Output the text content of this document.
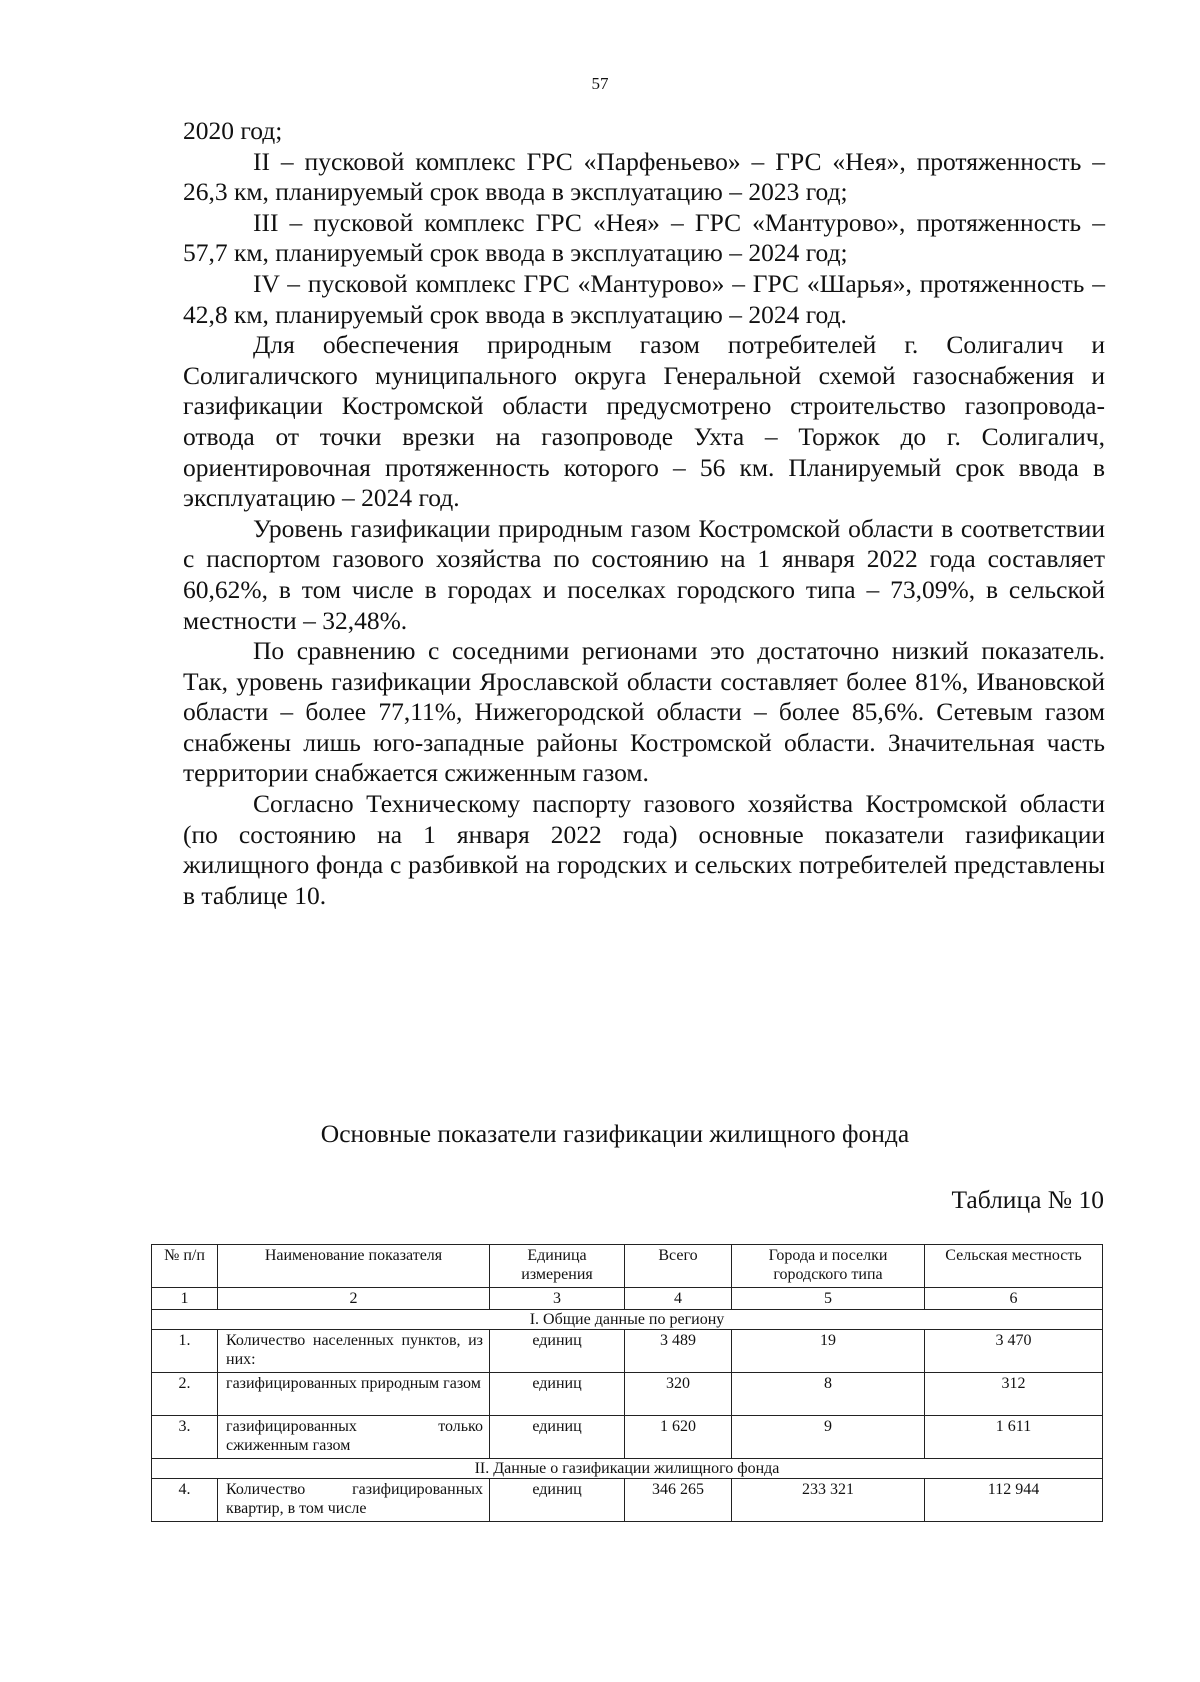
57

2020 год;

II – пусковой комплекс ГРС «Парфеньево» – ГРС «Нея», протяженность – 26,3 км, планируемый срок ввода в эксплуатацию – 2023 год;

III – пусковой комплекс ГРС «Нея» – ГРС «Мантурово», протяженность – 57,7 км, планируемый срок ввода в эксплуатацию – 2024 год;

IV – пусковой комплекс ГРС «Мантурово» – ГРС «Шарья», протяженность – 42,8 км, планируемый срок ввода в эксплуатацию – 2024 год.

Для обеспечения природным газом потребителей г. Солигалич и Солигаличского муниципального округа Генеральной схемой газоснабжения и газификации Костромской области предусмотрено строительство газопровода-отвода от точки врезки на газопроводе Ухта – Торжок до г. Солигалич, ориентировочная протяженность которого – 56 км. Планируемый срок ввода в эксплуатацию – 2024 год.

Уровень газификации природным газом Костромской области в соответствии с паспортом газового хозяйства по состоянию на 1 января 2022 года составляет 60,62%, в том числе в городах и поселках городского типа – 73,09%, в сельской местности – 32,48%.

По сравнению с соседними регионами это достаточно низкий показатель. Так, уровень газификации Ярославской области составляет более 81%, Ивановской области – более 77,11%, Нижегородской области – более 85,6%. Сетевым газом снабжены лишь юго-западные районы Костромской области. Значительная часть территории снабжается сжиженным газом.

Согласно Техническому паспорту газового хозяйства Костромской области (по состоянию на 1 января 2022 года) основные показатели газификации жилищного фонда с разбивкой на городских и сельских потребителей представлены в таблице 10.

Основные показатели газификации жилищного фонда
Таблица № 10
№ п/п	Наименование показателя	Единица измерения	Всего	Города и поселки городского типа	Сельская местность
1	2	3	4	5	6
I. Общие данные по региону					
1.	Количество населенных пунктов, из них:	единиц	3 489	19	3 470
2.	газифицированных природным газом	единиц	320	8	312
3.	газифицированных только сжиженным газом	единиц	1 620	9	1 611
II. Данные о газификации жилищного фонда					
4.	Количество газифицированных квартир, в том числе	единиц	346 265	233 321	112 944
